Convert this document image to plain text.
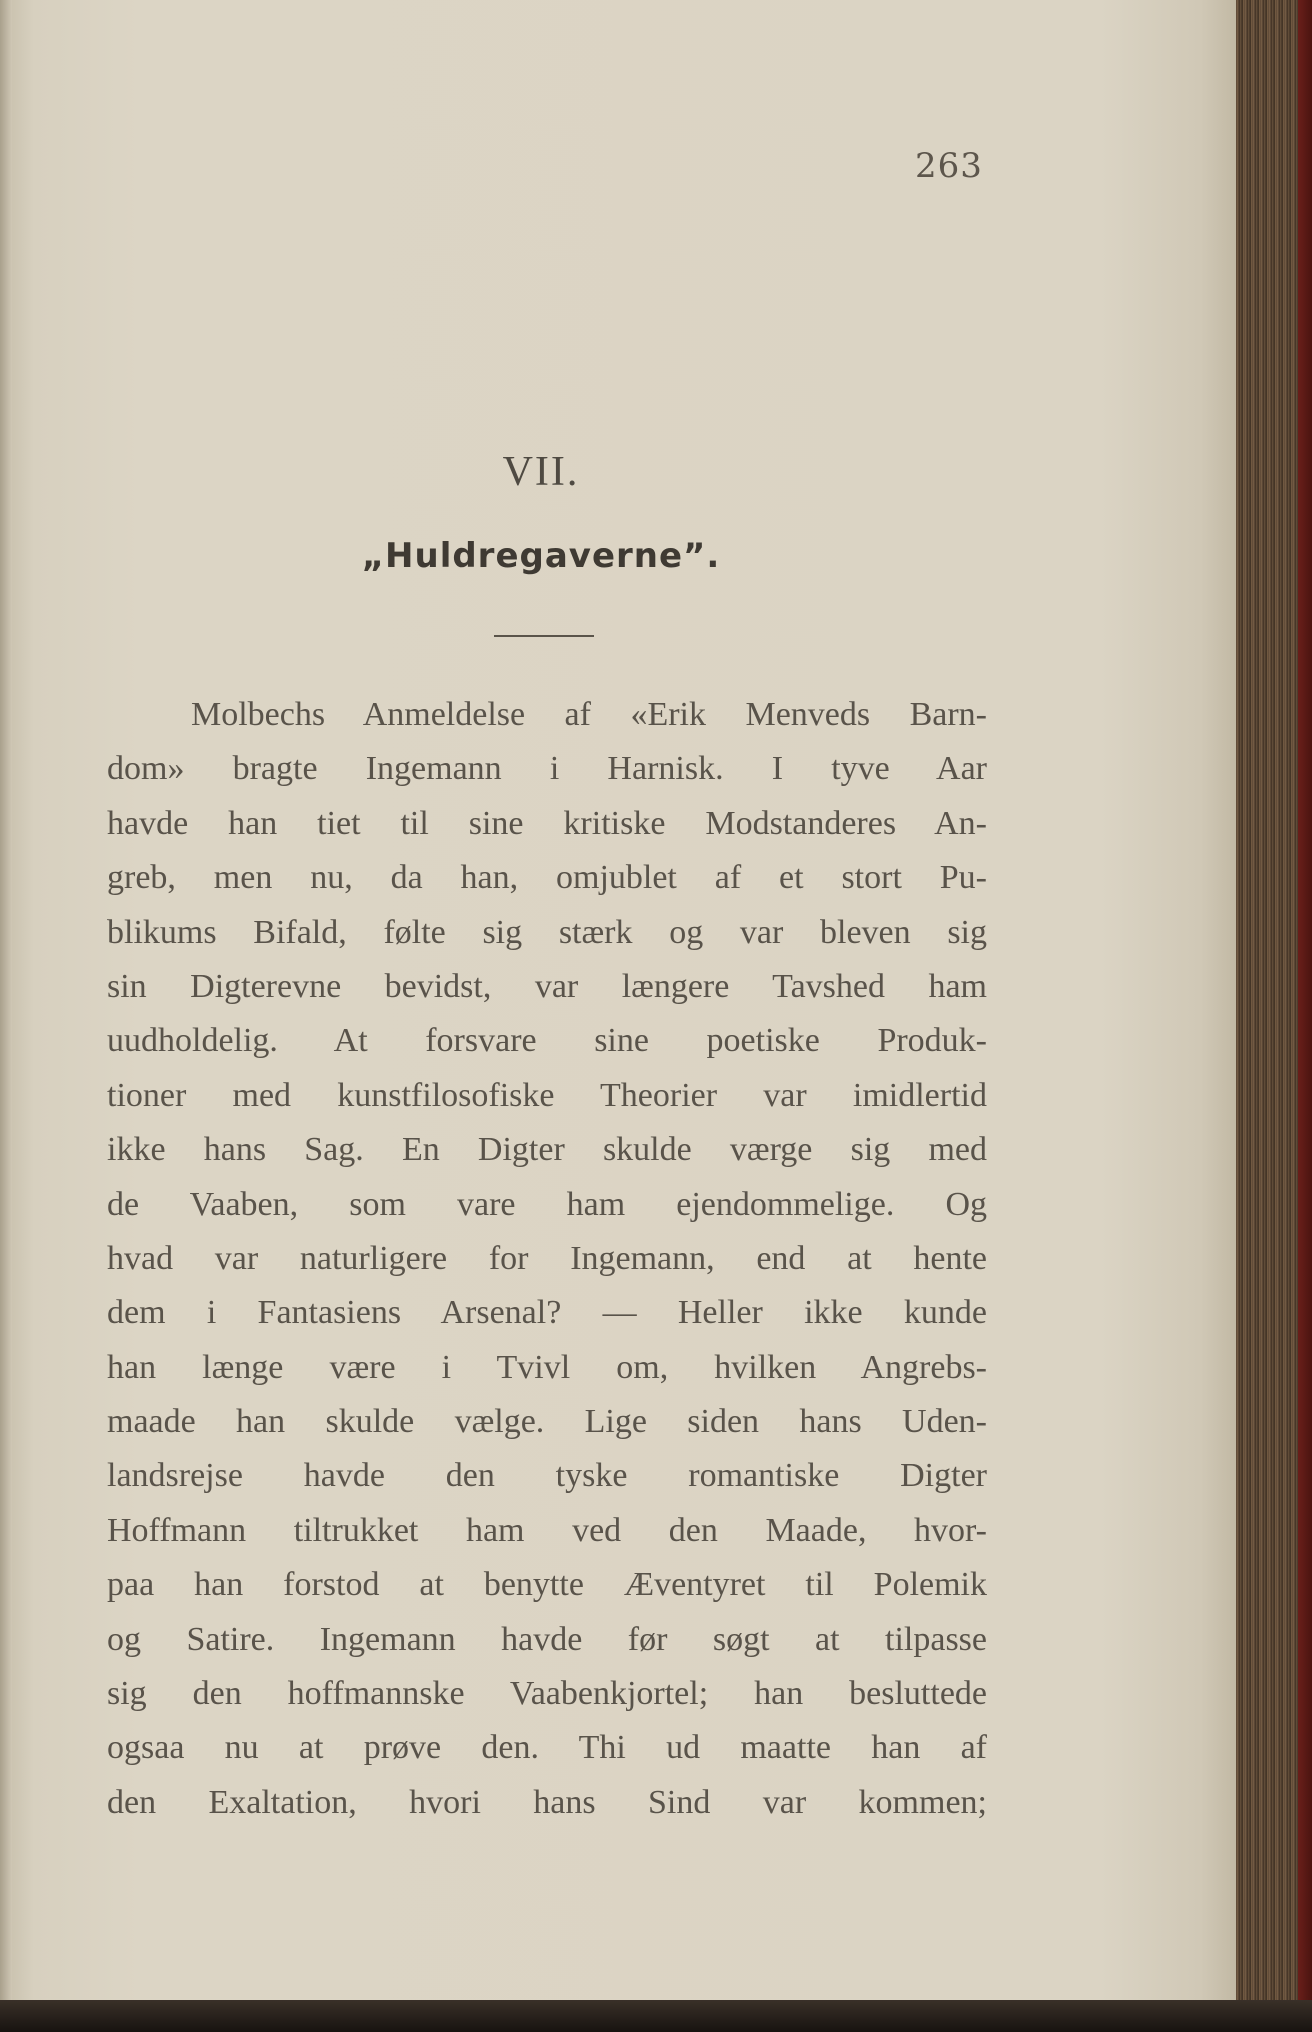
263
VII.
„Huldregaverne”.
Molbechs Anmeldelse af «Erik Menveds Barn-
dom» bragte Ingemann i Harnisk. I tyve Aar
havde han tiet til sine kritiske Modstanderes An-
greb, men nu, da han, omjublet af et stort Pu-
blikums Bifald, følte sig stærk og var bleven sig
sin Digterevne bevidst, var længere Tavshed ham
uudholdelig. At forsvare sine poetiske Produk-
tioner med kunstfilosofiske Theorier var imidlertid
ikke hans Sag. En Digter skulde værge sig med
de Vaaben, som vare ham ejendommelige. Og
hvad var naturligere for Ingemann, end at hente
dem i Fantasiens Arsenal? — Heller ikke kunde
han længe være i Tvivl om, hvilken Angrebs-
maade han skulde vælge. Lige siden hans Uden-
landsrejse havde den tyske romantiske Digter
Hoffmann tiltrukket ham ved den Maade, hvor-
paa han forstod at benytte Æventyret til Polemik
og Satire. Ingemann havde før søgt at tilpasse
sig den hoffmannske Vaabenkjortel; han besluttede
ogsaa nu at prøve den. Thi ud maatte han af
den Exaltation, hvori hans Sind var kommen;
